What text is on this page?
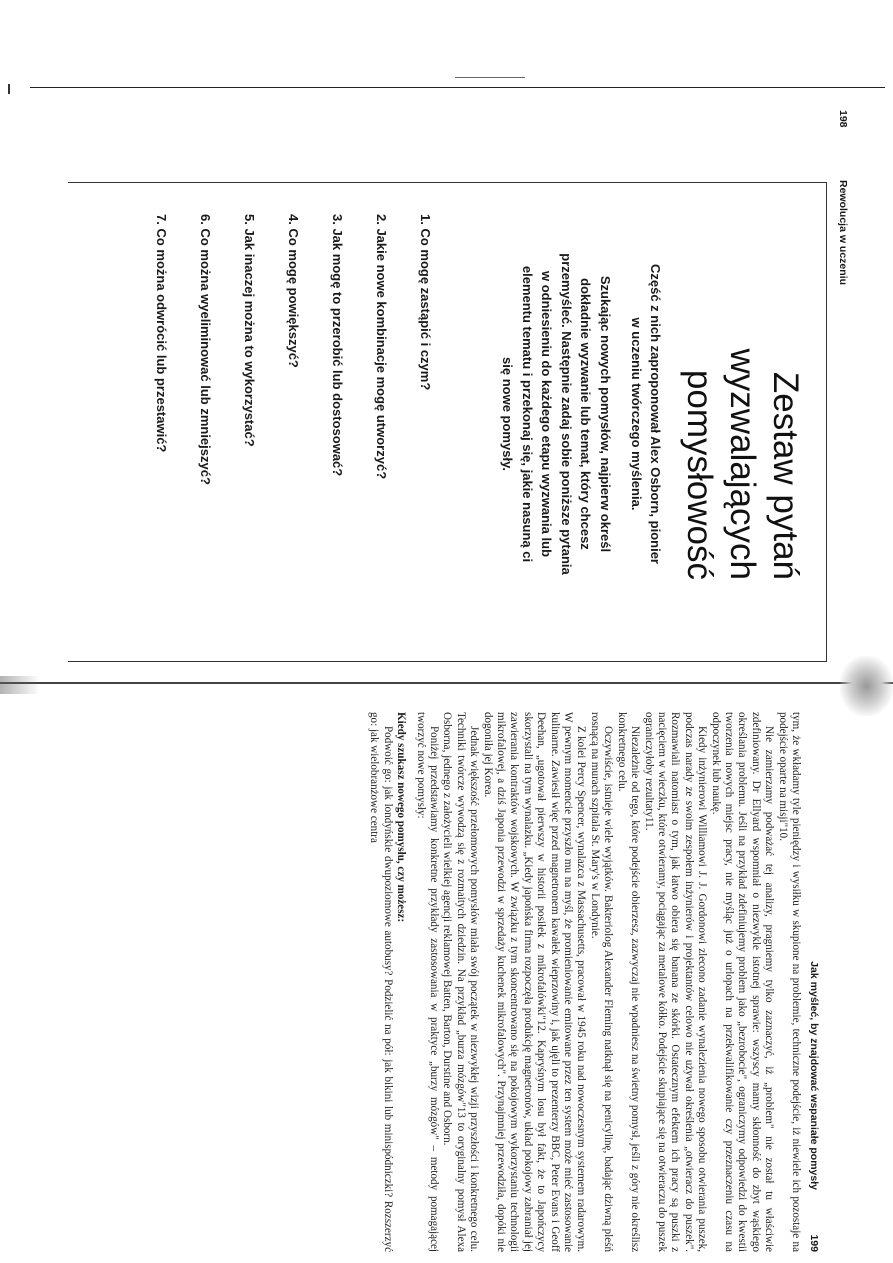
198
Rewolucja w uczeniu
Zestaw pytań
wyzwalających
pomysłowość
Część z nich zaproponował Alex Osborn, pionier
w uczeniu twórczego myślenia.
Szukając nowych pomysłów, najpierw określ
dokładnie wyzwanie lub temat, który chcesz
przemyśleć. Następnie zadaj sobie poniższe pytania
w odniesieniu do każdego etapu wyzwania lub
elementu tematu i przekonaj się, jakie nasuną ci
się nowe pomysły.
1. Co mogę zastąpić i czym?
2. Jakie nowe kombinacje mogę utworzyć?
3. Jak mogę to przerobić lub dostosować?
4. Co mogę powiększyć?
5. Jak inaczej można to wykorzystać?
6. Co można wyeliminować lub zmniejszyć?
7. Co można odwrócić lub przestawić?
Jak myśleć, by znajdować wspaniałe pomysły
199

tym, że wkładamy tyle pieniędzy i wysiłku w skupione na problemie, techniczne podejście, iż niewiele ich pozostaje na podejście oparte na misji"10.

Nie zamierzamy podważać tej analizy, pragniemy tylko zaznaczyć, iż „problem" nie został tu właściwie zdefiniowany. Dr Ellyard wspomniał o niezwykle istotnej sprawie: wszyscy mamy skłonność do zbyt wąskiego określania problemu. Jeśli na przykład zdefiniujemy problem jako „bezrobocie", ograniczymy odpowiedzi do kwestii tworzenia nowych miejsc pracy, nie myśląc już o urlopach na przekwalifikowanie czy przeznaczeniu czasu na odpoczynek lub naukę.

Kiedy inżynierowi Williamowi J. J. Gordonowi zlecono zadanie wynalezienia nowego sposobu otwierania puszek, podczas narady ze swoim zespołem inżynierów i projektantów celowo nie używał określenia „otwieracz do puszek". Rozmawiali natomiast o tym, jak łatwo obiera się banana ze skórki. Ostatecznym efektem ich pracy są puszki z nacięciem w wieczku, które otwieramy, pociągając za metalowe kółko. Podejście skupiające się na otwieraczu do puszek ograniczyłoby rezultaty11.

Niezależnie od tego, które podejście obierzesz, zazwyczaj nie wpadniesz na świetny pomysł, jeśli z góry nie określisz konkretnego celu.

Oczywiście, istnieje wiele wyjątków. Bakteriolog Alexander Fleming natknął się na penicylinę, badając dziwną pleśń rosnącą na murach szpitala St. Mary's w Londynie.

Z kolei Percy Spencer, wynalazca z Massachusetts, pracował w 1945 roku nad nowoczesnym systemem radarowym. W pewnym momencie przyszło mu na myśl, że promieniowanie emitowane przez ten system może mieć zastosowanie kulinarne. Zawiesił więc przed magnetronem kawałek wieprzowiny i, jak ujęli to prezenterzy BBC, Peter Evans i Geoff Deehan, „ugotował pierwszy w historii posiłek z mikrofalówki"12. Kapryśnym losu był fakt, że to Japończycy skorzystali na tym wynalazku. „Kiedy japońska firma rozpoczęła produkcję magnetronów, układ pokojowy zabraniał jej zawierania kontraktów wojskowych. W związku z tym skoncentrowano się na pokojowym wykorzystaniu technologii mikrofalowej, a dziś Japonia przewodzi w sprzedaży kuchenek mikrofalowych". Przynajmniej przewodziła, dopóki nie dogoniła jej Korea.

Jednak większość przełomowych pomysłów miała swój początek w niezwykłej wizji przyszłości i konkretnego celu. Techniki twórcze wywodzą się z rozmaitych dziedzin. Na przykład „burza mózgów"13 to oryginalny pomysł Alexa Osborna, jednego z założycieli wielkiej agencji reklamowej Batten, Barton, Durstine and Osborn.

Poniżej przedstawiamy konkretne przykłady zastosowania w praktyce „burzy mózgów" – metody pomagającej tworzyć nowe pomysły:

Kiedy szukasz nowego pomysłu, czy możesz:

Podwoić go: jak londyńskie dwupoziomowe autobusy? Podzielić na pół: jak bikini lub minispódniczki? Rozszerzyć go: jak wielobranżowe centra
